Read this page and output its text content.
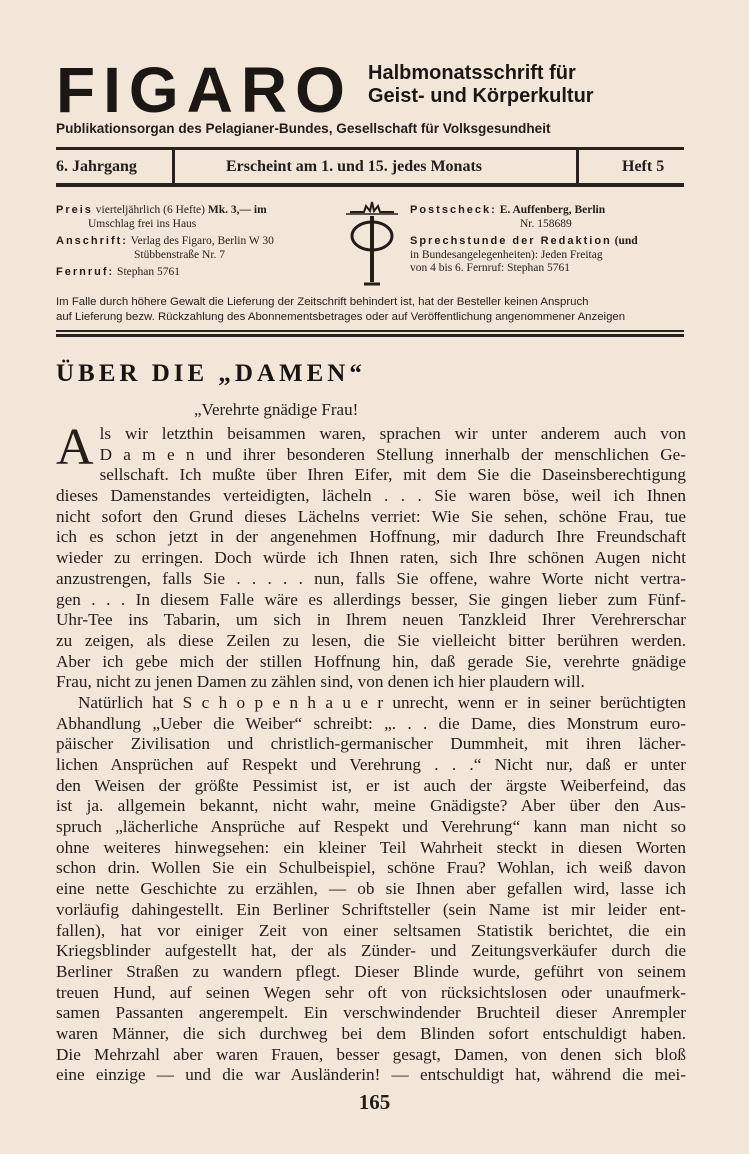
FIGARO Halbmonatsschrift für
Geist- und Körperkultur
Publikationsorgan des Pelagianer-Bundes, Gesellschaft für Volksgesundheit
6. Jahrgang	Erscheint am 1. und 15. jedes Monats	Heft 5

Preis vierteljährlich (6 Hefte) Mk. 3,— im
Umschlag frei ins Haus

Anschrift: Verlag des Figaro, Berlin W 30
Stübbenstraße Nr. 7

Fernruf: Stephan 5761

Postscheck: E. Auffenberg, Berlin
Nr. 158689

Sprechstunde der Redaktion (und
in Bundesangelegenheiten): Jeden Freitag
von 4 bis 6. Fernruf: Stephan 5761

Im Falle durch höhere Gewalt die Lieferung der Zeitschrift behindert ist, hat der Besteller keinen Anspruch
auf Lieferung bezw. Rückzahlung des Abonnementsbetrages oder auf Veröffentlichung angenommener Anzeigen
ÜBER DIE „DAMEN“
„Verehrte gnädige Frau!
A ls wir letzthin beisammen waren, sprachen wir unter anderem auch von
D a m e n und ihrer besonderen Stellung innerhalb der menschlichen Ge-
sellschaft. Ich mußte über Ihren Eifer, mit dem Sie die Daseinsberechtigung
dieses Damenstandes verteidigten, lächeln . . . Sie waren böse, weil ich Ihnen
nicht sofort den Grund dieses Lächelns verriet: Wie Sie sehen, schöne Frau, tue
ich es schon jetzt in der angenehmen Hoffnung, mir dadurch Ihre Freundschaft
wieder zu erringen. Doch würde ich Ihnen raten, sich Ihre schönen Augen nicht
anzustrengen, falls Sie . . . . . nun, falls Sie offene, wahre Worte nicht vertra-
gen . . . In diesem Falle wäre es allerdings besser, Sie gingen lieber zum Fünf-
Uhr-Tee ins Tabarin, um sich in Ihrem neuen Tanzkleid Ihrer Verehrerschar
zu zeigen, als diese Zeilen zu lesen, die Sie vielleicht bitter berühren werden.
Aber ich gebe mich der stillen Hoffnung hin, daß gerade Sie, verehrte gnädige
Frau, nicht zu jenen Damen zu zählen sind, von denen ich hier plaudern will.
Natürlich hat S c h o p e n h a u e r unrecht, wenn er in seiner berüchtigten
Abhandlung „Ueber die Weiber“ schreibt: „. . . die Dame, dies Monstrum euro-
päischer Zivilisation und christlich-germanischer Dummheit, mit ihren lächer-
lichen Ansprüchen auf Respekt und Verehrung . . .“ Nicht nur, daß er unter
den Weisen der größte Pessimist ist, er ist auch der ärgste Weiberfeind, das
ist ja. allgemein bekannt, nicht wahr, meine Gnädigste? Aber über den Aus-
spruch „lächerliche Ansprüche auf Respekt und Verehrung“ kann man nicht so
ohne weiteres hinwegsehen: ein kleiner Teil Wahrheit steckt in diesen Worten
schon drin. Wollen Sie ein Schulbeispiel, schöne Frau? Wohlan, ich weiß davon
eine nette Geschichte zu erzählen, — ob sie Ihnen aber gefallen wird, lasse ich
vorläufig dahingestellt. Ein Berliner Schriftsteller (sein Name ist mir leider ent-
fallen), hat vor einiger Zeit von einer seltsamen Statistik berichtet, die ein
Kriegsblinder aufgestellt hat, der als Zünder- und Zeitungsverkäufer durch die
Berliner Straßen zu wandern pflegt. Dieser Blinde wurde, geführt von seinem
treuen Hund, auf seinen Wegen sehr oft von rücksichtslosen oder unaufmerk-
samen Passanten angerempelt. Ein verschwindender Bruchteil dieser Anrempler
waren Männer, die sich durchweg bei dem Blinden sofort entschuldigt haben.
Die Mehrzahl aber waren Frauen, besser gesagt, Damen, von denen sich bloß
eine einzige — und die war Ausländerin! — entschuldigt hat, während die mei-
165
